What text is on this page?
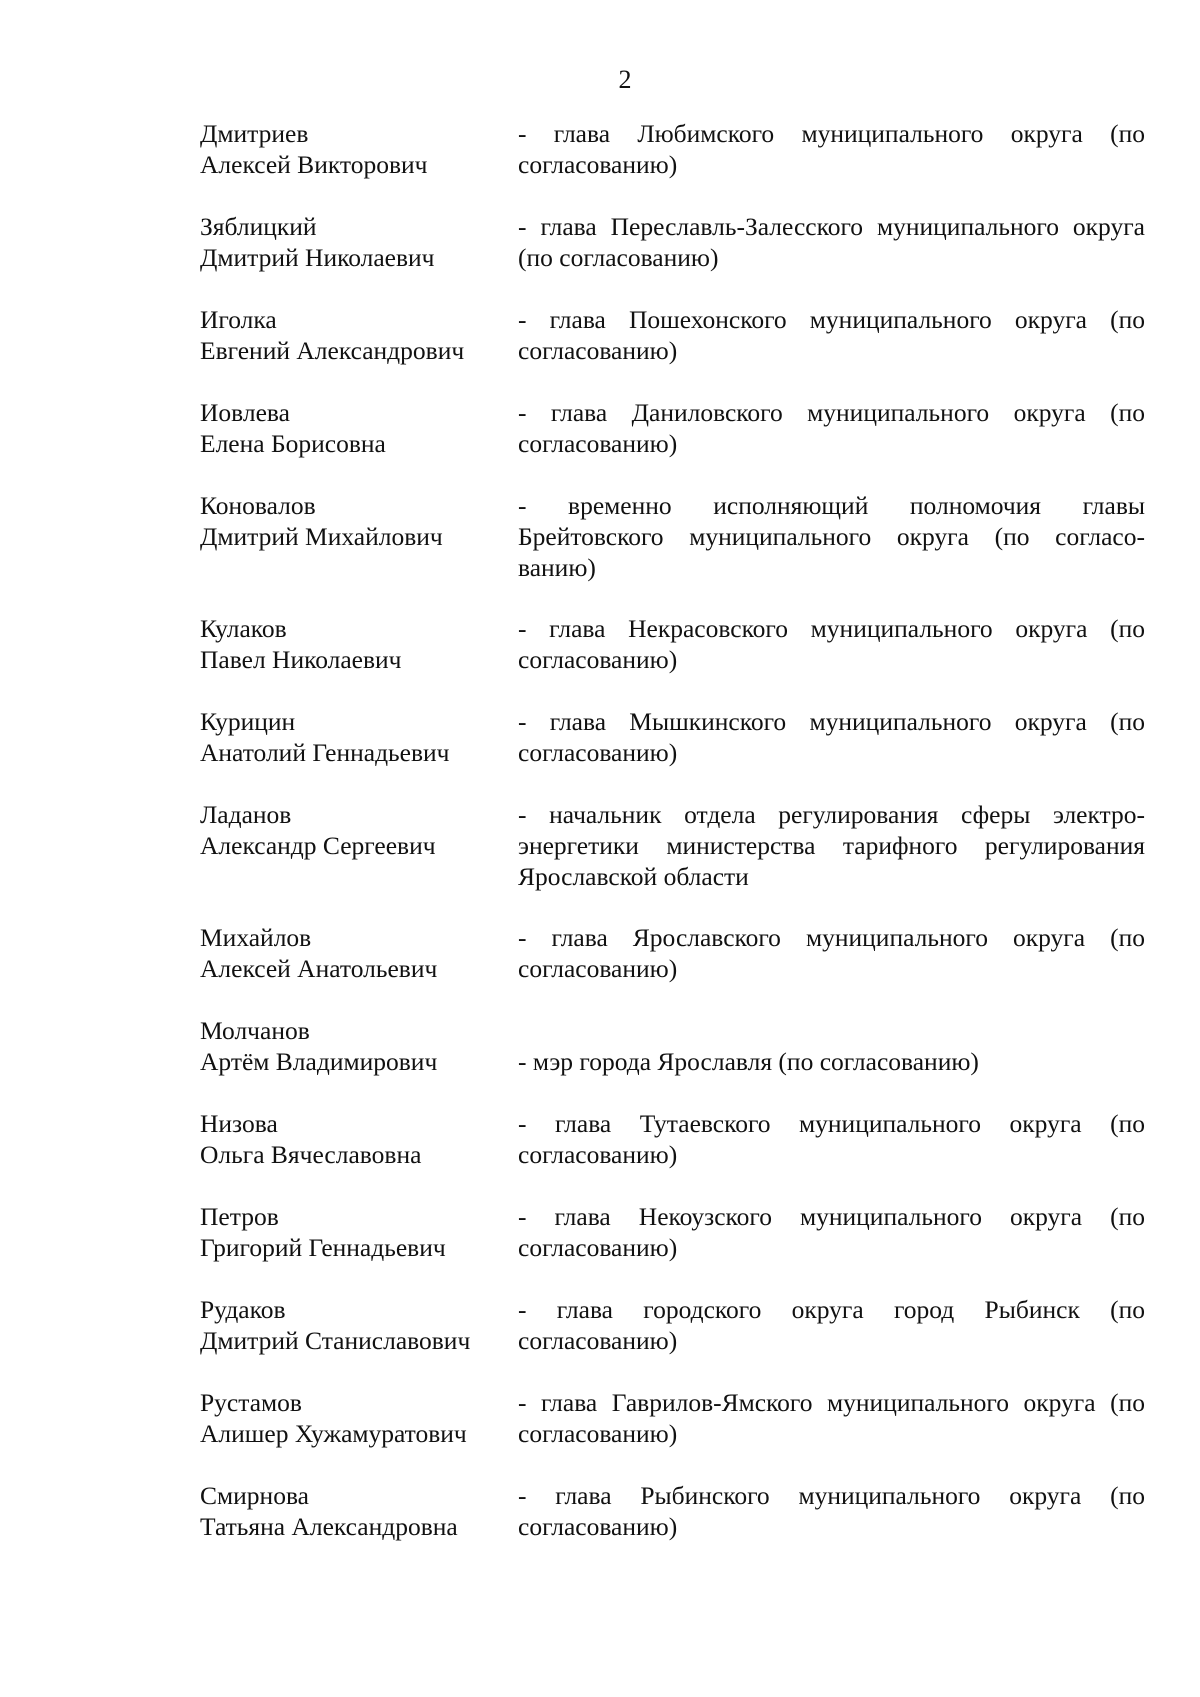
2
Дмитриев
Алексей Викторович
- глава Любимского муниципального округа (по согласованию)
Зяблицкий
Дмитрий Николаевич
- глава Переславль-Залесского муниципального округа (по согласованию)
Иголка
Евгений Александрович
- глава Пошехонского муниципального округа (по согласованию)
Иовлева
Елена Борисовна
- глава Даниловского муниципального округа (по согласованию)
Коновалов
Дмитрий Михайлович
- временно исполняющий полномочия главы Брейтовского муниципального округа (по согласо-ванию)
Кулаков
Павел Николаевич
- глава Некрасовского муниципального округа (по согласованию)
Курицин
Анатолий Геннадьевич
- глава Мышкинского муниципального округа (по согласованию)
Ладанов
Александр Сергеевич
- начальник отдела регулирования сферы электро-энергетики министерства тарифного регулирования Ярославской области
Михайлов
Алексей Анатольевич
- глава Ярославского муниципального округа (по согласованию)
Молчанов
Артём Владимирович	- мэр города Ярославля (по согласованию)
Низова
Ольга Вячеславовна
- глава Тутаевского муниципального округа (по согласованию)
Петров
Григорий Геннадьевич
- глава Некоузского муниципального округа (по согласованию)
Рудаков
Дмитрий Станиславович
- глава городского округа город Рыбинск (по согласованию)
Рустамов
Алишер Хужамуратович
- глава Гаврилов-Ямского муниципального округа (по согласованию)
Смирнова
Татьяна Александровна
- глава Рыбинского муниципального округа (по согласованию)
